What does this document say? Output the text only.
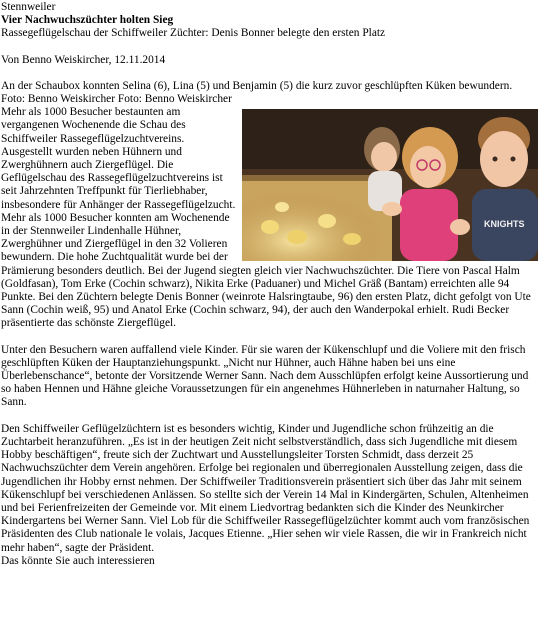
Stennweiler

Vier Nachwuchszüchter holten Sieg

Rassegeflügelschau der Schiffweiler Züchter: Denis Bonner belegte den ersten Platz

Von Benno Weiskircher, 12.11.2014

An der Schaubox konnten Selina (6), Lina (5) und Benjamin (5) die kurz zuvor geschlüpften Küken bewundern.

Foto: Benno Weiskircher Foto: Benno Weiskircher

KNIGHTS
Mehr als 1000 Besucher bestaunten am vergangenen Wochenende die Schau des Schiffweiler Rassegeflügelzuchtvereins. Ausgestellt wurden neben Hühnern und Zwerghühnern auch Ziergeflügel. Die Geflügelschau des Rassegeflügelzuchtvereins ist seit Jahrzehnten Treffpunkt für Tierliebhaber, insbesondere für Anhänger der Rassegeflügelzucht. Mehr als 1000 Besucher konnten am Wochenende in der Stennweiler Lindenhalle Hühner, Zwerghühner und Ziergeflügel in den 32 Volieren bewundern. Die hohe Zuchtqualität wurde bei der Prämierung besonders deutlich. Bei der Jugend siegten gleich vier Nachwuchszüchter. Die Tiere von Pascal Halm (Goldfasan), Tom Erke (Cochin schwarz), Nikita Erke (Paduaner) und Michel Gräß (Bantam) erreichten alle 94 Punkte. Bei den Züchtern belegte Denis Bonner (weinrote Halsringtaube, 96) den ersten Platz, dicht gefolgt von Ute Sann (Cochin weiß, 95) und Anatol Erke (Cochin schwarz, 94), der auch den Wanderpokal erhielt. Rudi Becker präsentierte das schönste Ziergeflügel.

Unter den Besuchern waren auffallend viele Kinder. Für sie waren der Kükenschlupf und die Voliere mit den frisch geschlüpften Küken der Hauptanziehungspunkt. „Nicht nur Hühner, auch Hähne haben bei uns eine Überlebenschance“, betonte der Vorsitzende Werner Sann. Nach dem Ausschlüpfen erfolgt keine Aussortierung und so haben Hennen und Hähne gleiche Voraussetzungen für ein angenehmes Hühnerleben in naturnaher Haltung, so Sann.

Den Schiffweiler Geflügelzüchtern ist es besonders wichtig, Kinder und Jugendliche schon frühzeitig an die Zuchtarbeit heranzuführen. „Es ist in der heutigen Zeit nicht selbstverständlich, dass sich Jugendliche mit diesem Hobby beschäftigen“, freute sich der Zuchtwart und Ausstellungsleiter Torsten Schmidt, dass derzeit 25 Nachwuchszüchter dem Verein angehören. Erfolge bei regionalen und überregionalen Ausstellung zeigen, dass die Jugendlichen ihr Hobby ernst nehmen. Der Schiffweiler Traditionsverein präsentiert sich über das Jahr mit seinem Kükenschlupf bei verschiedenen Anlässen. So stellte sich der Verein 14 Mal in Kindergärten, Schulen, Altenheimen und bei Ferienfreizeiten der Gemeinde vor. Mit einem Liedvortrag bedankten sich die Kinder des Neunkircher Kindergartens bei Werner Sann. Viel Lob für die Schiffweiler Rassegeflügelzüchter kommt auch vom französischen Präsidenten des Club nationale le volais, Jacques Etienne. „Hier sehen wir viele Rassen, die wir in Frankreich nicht mehr haben“, sagte der Präsident.

Das könnte Sie auch interessieren
